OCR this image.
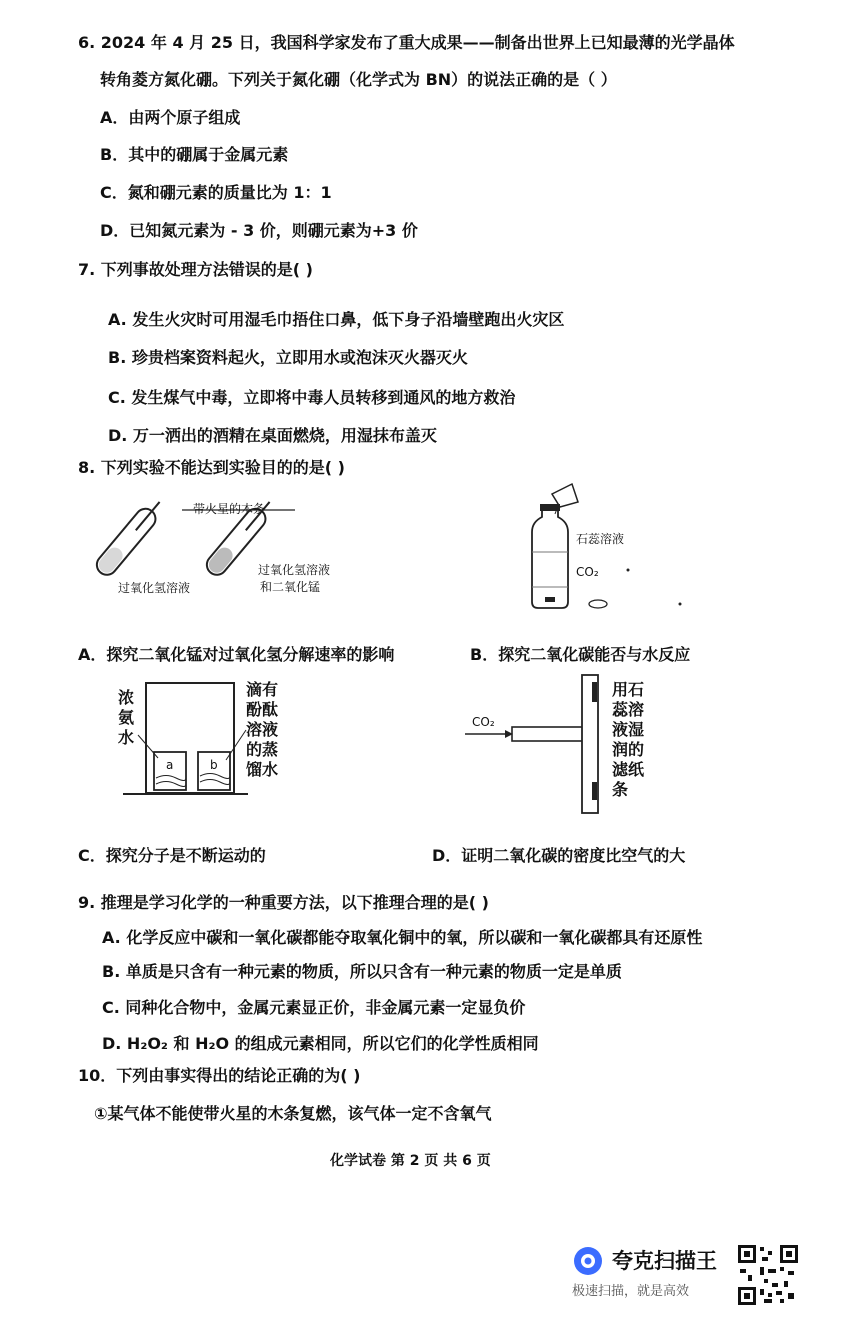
6. 2024 年 4 月 25 日，我国科学家发布了重大成果——制备出世界上已知最薄的光学晶体
转角菱方氮化硼。下列关于氮化硼（化学式为 BN）的说法正确的是（ ）
A．由两个原子组成
B．其中的硼属于金属元素
C．氮和硼元素的质量比为 1：1
D．已知氮元素为 - 3 价，则硼元素为+3 价
7. 下列事故处理方法错误的是( )
A. 发生火灾时可用湿毛巾捂住口鼻，低下身子沿墙壁跑出火灾区
B. 珍贵档案资料起火，立即用水或泡沫灭火器灭火
C. 发生煤气中毒，立即将中毒人员转移到通风的地方救治
D. 万一洒出的酒精在桌面燃烧，用湿抹布盖灭
8. 下列实验不能达到实验目的的是( )
带火星的木条
过氧化氢溶液
过氧化氢溶液
和二氧化锰
石蕊溶液
CO₂
A．探究二氧化锰对过氧化氢分解速率的影响	B．探究二氧化碳能否与水反应
浓
氨
水
a	b
滴有
酚酞
溶液
的蒸
馏水
CO₂
用石
蕊溶
液湿
润的
滤纸
条
C．探究分子是不断运动的	D．证明二氧化碳的密度比空气的大
9. 推理是学习化学的一种重要方法，以下推理合理的是( )
A. 化学反应中碳和一氧化碳都能夺取氧化铜中的氧，所以碳和一氧化碳都具有还原性
B. 单质是只含有一种元素的物质，所以只含有一种元素的物质一定是单质
C. 同种化合物中，金属元素显正价，非金属元素一定显负价
D. H₂O₂ 和 H₂O 的组成元素相同，所以它们的化学性质相同
10．下列由事实得出的结论正确的为( )
①某气体不能使带火星的木条复燃，该气体一定不含氧气
化学试卷 第 2 页 共 6 页
夸克扫描王
极速扫描，就是高效
